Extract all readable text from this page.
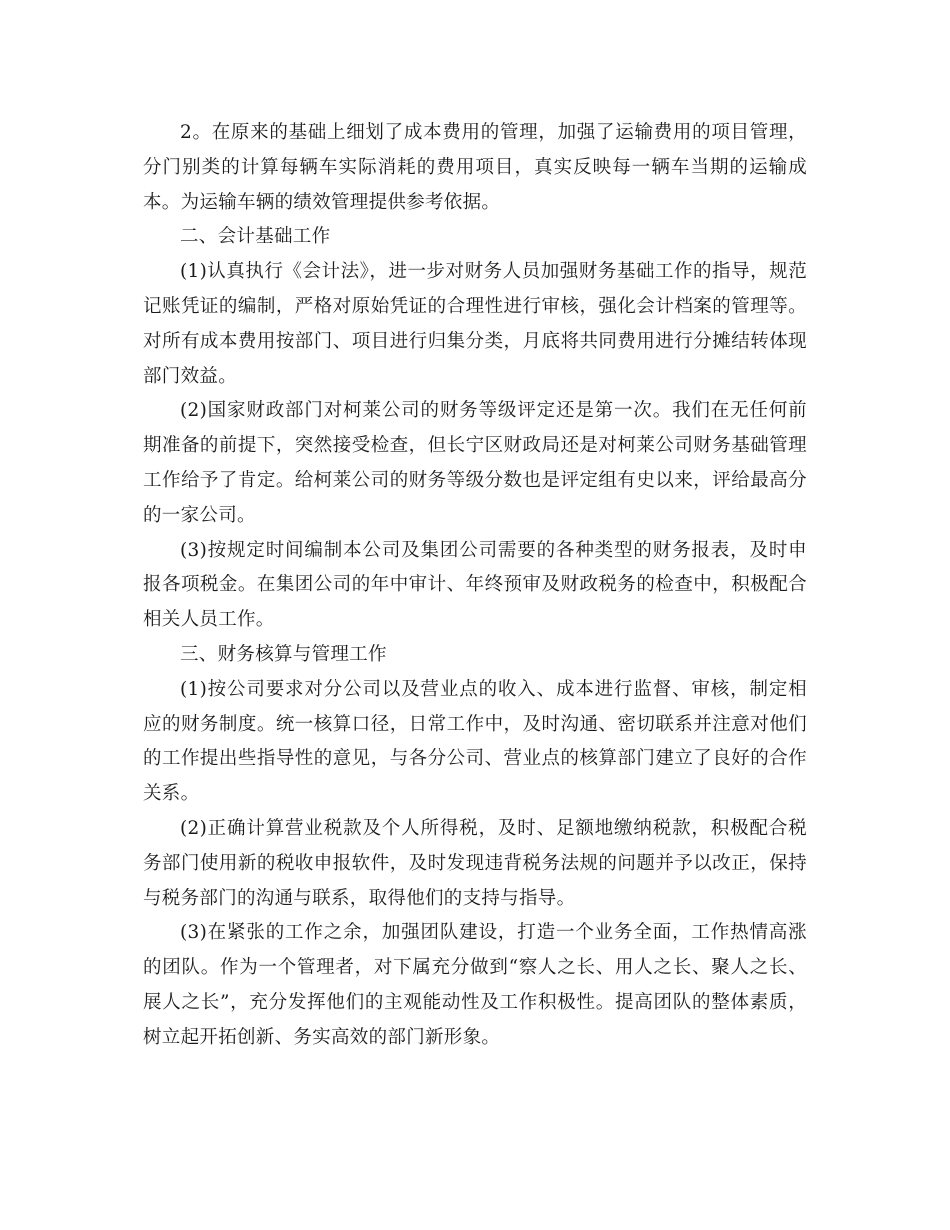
2。在原来的基础上细划了成本费用的管理，加强了运输费用的项目管理，分门别类的计算每辆车实际消耗的费用项目，真实反映每一辆车当期的运输成本。为运输车辆的绩效管理提供参考依据。

二、会计基础工作

(1)认真执行《会计法》，进一步对财务人员加强财务基础工作的指导，规范记账凭证的编制，严格对原始凭证的合理性进行审核，强化会计档案的管理等。对所有成本费用按部门、项目进行归集分类，月底将共同费用进行分摊结转体现部门效益。

(2)国家财政部门对柯莱公司的财务等级评定还是第一次。我们在无任何前期准备的前提下，突然接受检查，但长宁区财政局还是对柯莱公司财务基础管理工作给予了肯定。给柯莱公司的财务等级分数也是评定组有史以来，评给最高分的一家公司。

(3)按规定时间编制本公司及集团公司需要的各种类型的财务报表，及时申报各项税金。在集团公司的年中审计、年终预审及财政税务的检查中，积极配合相关人员工作。

三、财务核算与管理工作

(1)按公司要求对分公司以及营业点的收入、成本进行监督、审核，制定相应的财务制度。统一核算口径，日常工作中，及时沟通、密切联系并注意对他们的工作提出些指导性的意见，与各分公司、营业点的核算部门建立了良好的合作关系。

(2)正确计算营业税款及个人所得税，及时、足额地缴纳税款，积极配合税务部门使用新的税收申报软件，及时发现违背税务法规的问题并予以改正，保持与税务部门的沟通与联系，取得他们的支持与指导。

(3)在紧张的工作之余，加强团队建设，打造一个业务全面，工作热情高涨的团队。作为一个管理者，对下属充分做到“察人之长、用人之长、聚人之长、展人之长”，充分发挥他们的主观能动性及工作积极性。提高团队的整体素质，树立起开拓创新、务实高效的部门新形象。
